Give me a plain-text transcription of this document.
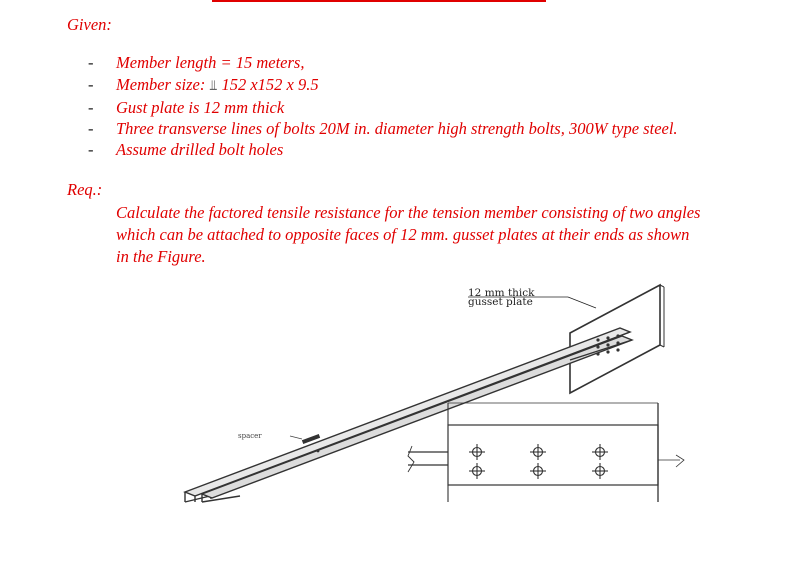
Given:
- Member length = 15 meters,
- Member size: ⫫ 152 x152 x 9.5
- Gust plate is 12 mm thick
- Three transverse lines of bolts 20M in. diameter high strength bolts, 300W type steel.
- Assume drilled bolt holes
Req.:
Calculate the factored tensile resistance for the tension member consisting of two angles which can be attached to opposite faces of 12 mm. gusset plates at their ends as shown in the Figure.
12 mm thick
gusset plate
spacer
